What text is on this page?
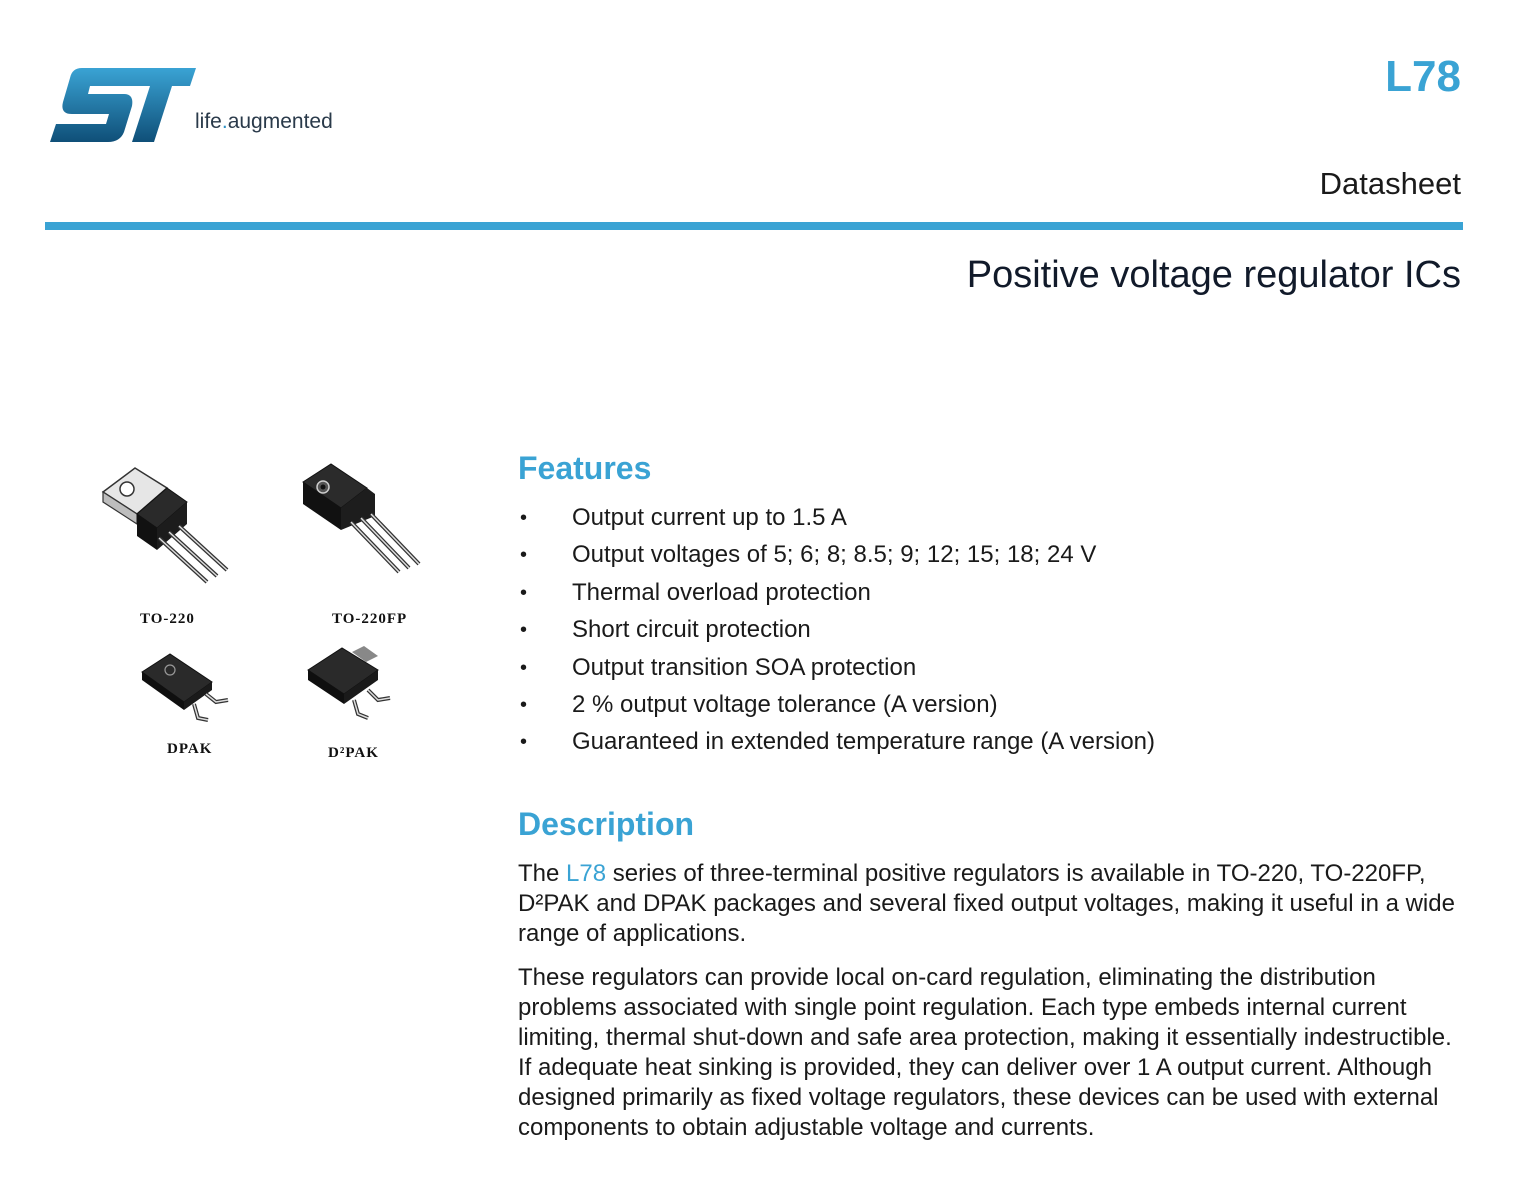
life.augmented
L78
Datasheet
Positive voltage regulator ICs
TO-220	TO-220FP
DPAK	D²PAK
Features
• Output current up to 1.5 A
• Output voltages of 5; 6; 8; 8.5; 9; 12; 15; 18; 24 V
• Thermal overload protection
• Short circuit protection
• Output transition SOA protection
• 2 % output voltage tolerance (A version)
• Guaranteed in extended temperature range (A version)
Description

The L78 series of three-terminal positive regulators is available in TO-220, TO-220FP, D²PAK and DPAK packages and several fixed output voltages, making it useful in a wide range of applications.

These regulators can provide local on-card regulation, eliminating the distribution problems associated with single point regulation. Each type embeds internal current limiting, thermal shut-down and safe area protection, making it essentially indestructible. If adequate heat sinking is provided, they can deliver over 1 A output current. Although designed primarily as fixed voltage regulators, these devices can be used with external components to obtain adjustable voltage and currents.
